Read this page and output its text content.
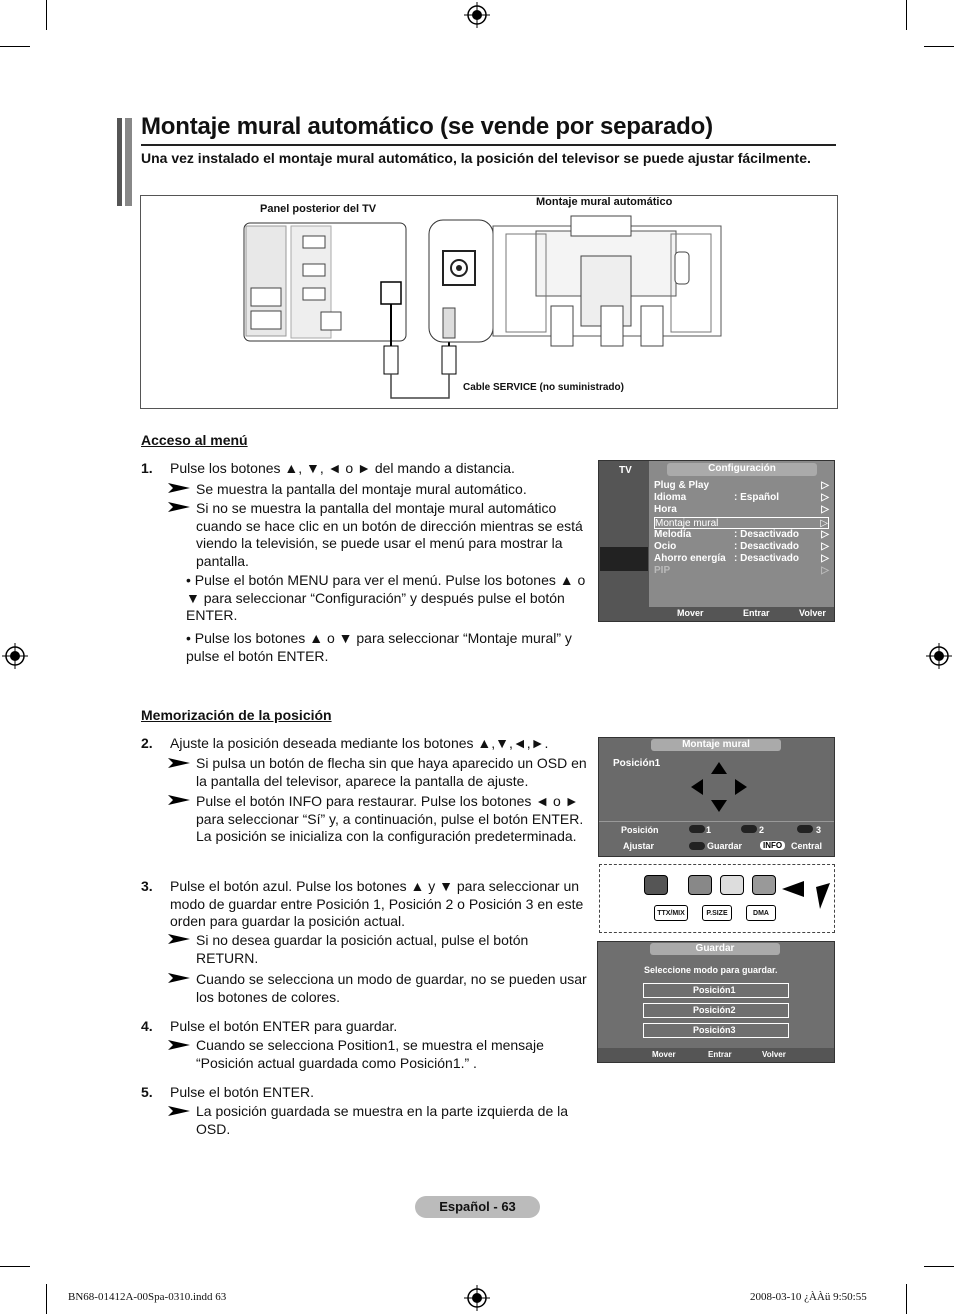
Montaje mural automático (se vende por separado)
Una vez instalado el montaje mural automático, la posición del televisor se puede ajustar fácilmente.
Panel posterior del TV
Montaje mural automático
Cable SERVICE (no suministrado)
Acceso al menú
1. Pulse los botones ▲, ▼, ◄ o ► del mando a distancia.
Se muestra la pantalla del montaje mural automático.
Si no se muestra la pantalla del montaje mural automático cuando se hace clic en un botón de dirección mientras se está viendo la televisión, se puede usar el menú para mostrar la pantalla.
• Pulse el botón MENU para ver el menú. Pulse los botones ▲ o ▼ para seleccionar “Configuración” y después pulse el botón ENTER.
• Pulse los botones ▲ o ▼ para seleccionar “Montaje mural” y pulse el botón ENTER.
TV	Configuración
Plug & Play	▷
Idioma	: Español	▷
Hora	▷
Montaje mural	▷
Melodía	: Desactivado ▷
Ocio	: Desactivado ▷
Ahorro energía : Desactivado ▷
PIP	▷
Mover	Entrar	Volver
Memorización de la posición
2. Ajuste la posición deseada mediante los botones ▲,▼,◄,►.
Si pulsa un botón de flecha sin que haya aparecido un OSD en la pantalla del televisor, aparece la pantalla de ajuste.
Pulse el botón INFO para restaurar. Pulse los botones ◄ o ► para seleccionar “Sí” y, a continuación, pulse el botón ENTER. La posición se inicializa con la configuración predeterminada.
3. Pulse el botón azul. Pulse los botones ▲ y ▼ para seleccionar un modo de guardar entre Posición 1, Posición 2 o Posición 3 en este orden para guardar la posición actual.
Si no desea guardar la posición actual, pulse el botón RETURN.
Cuando se selecciona un modo de guardar, no se pueden usar los botones de colores.
4. Pulse el botón ENTER para guardar.
Cuando se selecciona Position1, se muestra el mensaje “Posición actual guardada como Posición1.” .
5. Pulse el botón ENTER.
La posición guardada se muestra en la parte izquierda de la OSD.
Montaje mural
Posición1
Posición	1	2	3
Ajustar	Guardar	INFO Central
TTX/MIX	P.SIZE	DMA
Guardar
Seleccione modo para guardar.
Posición1
Posición2
Posición3
Mover	Entrar	Volver
Español - 63
BN68-01412A-00Spa-0310.indd 63	2008-03-10 ¿ÀÀü 9:50:55
